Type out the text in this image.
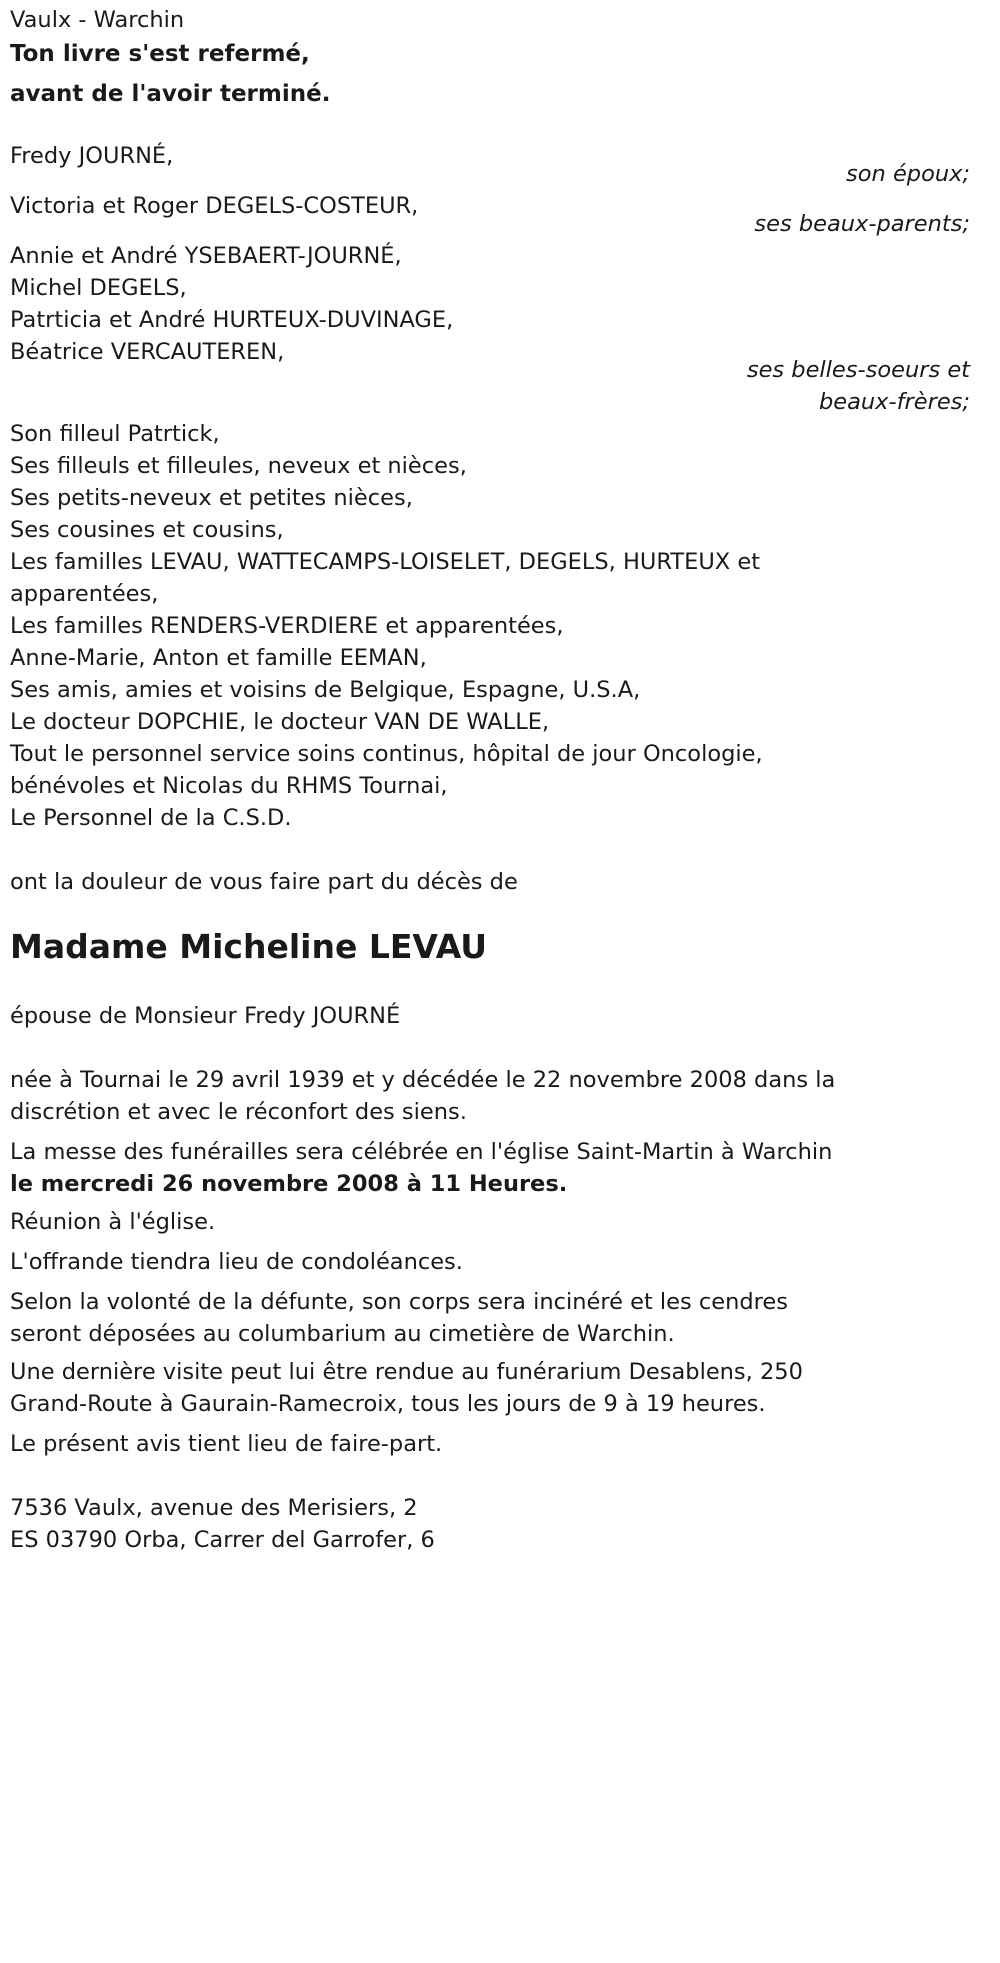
Vaulx - Warchin
Ton livre s'est refermé,
avant de l'avoir terminé.
Fredy JOURNÉ,
son époux;
Victoria et Roger DEGELS-COSTEUR,
ses beaux-parents;
Annie et André YSEBAERT-JOURNÉ,
Michel DEGELS,
Patrticia et André HURTEUX-DUVINAGE,
Béatrice VERCAUTEREN,
ses belles-soeurs et
beaux-frères;
Son filleul Patrtick,
Ses filleuls et filleules, neveux et nièces,
Ses petits-neveux et petites nièces,
Ses cousines et cousins,
Les familles LEVAU, WATTECAMPS-LOISELET, DEGELS, HURTEUX et
apparentées,
Les familles RENDERS-VERDIERE et apparentées,
Anne-Marie, Anton et famille EEMAN,
Ses amis, amies et voisins de Belgique, Espagne, U.S.A,
Le docteur DOPCHIE, le docteur VAN DE WALLE,
Tout le personnel service soins continus, hôpital de jour Oncologie,
bénévoles et Nicolas du RHMS Tournai,
Le Personnel de la C.S.D.
ont la douleur de vous faire part du décès de
Madame Micheline LEVAU
épouse de Monsieur Fredy JOURNÉ
née à Tournai le 29 avril 1939 et y décédée le 22 novembre 2008 dans la
discrétion et avec le réconfort des siens.
La messe des funérailles sera célébrée en l'église Saint-Martin à Warchin
le mercredi 26 novembre 2008 à 11 Heures.
Réunion à l'église.
L'offrande tiendra lieu de condoléances.
Selon la volonté de la défunte, son corps sera incinéré et les cendres
seront déposées au columbarium au cimetière de Warchin.
Une dernière visite peut lui être rendue au funérarium Desablens, 250
Grand-Route à Gaurain-Ramecroix, tous les jours de 9 à 19 heures.
Le présent avis tient lieu de faire-part.
7536 Vaulx, avenue des Merisiers, 2
ES 03790 Orba, Carrer del Garrofer, 6
